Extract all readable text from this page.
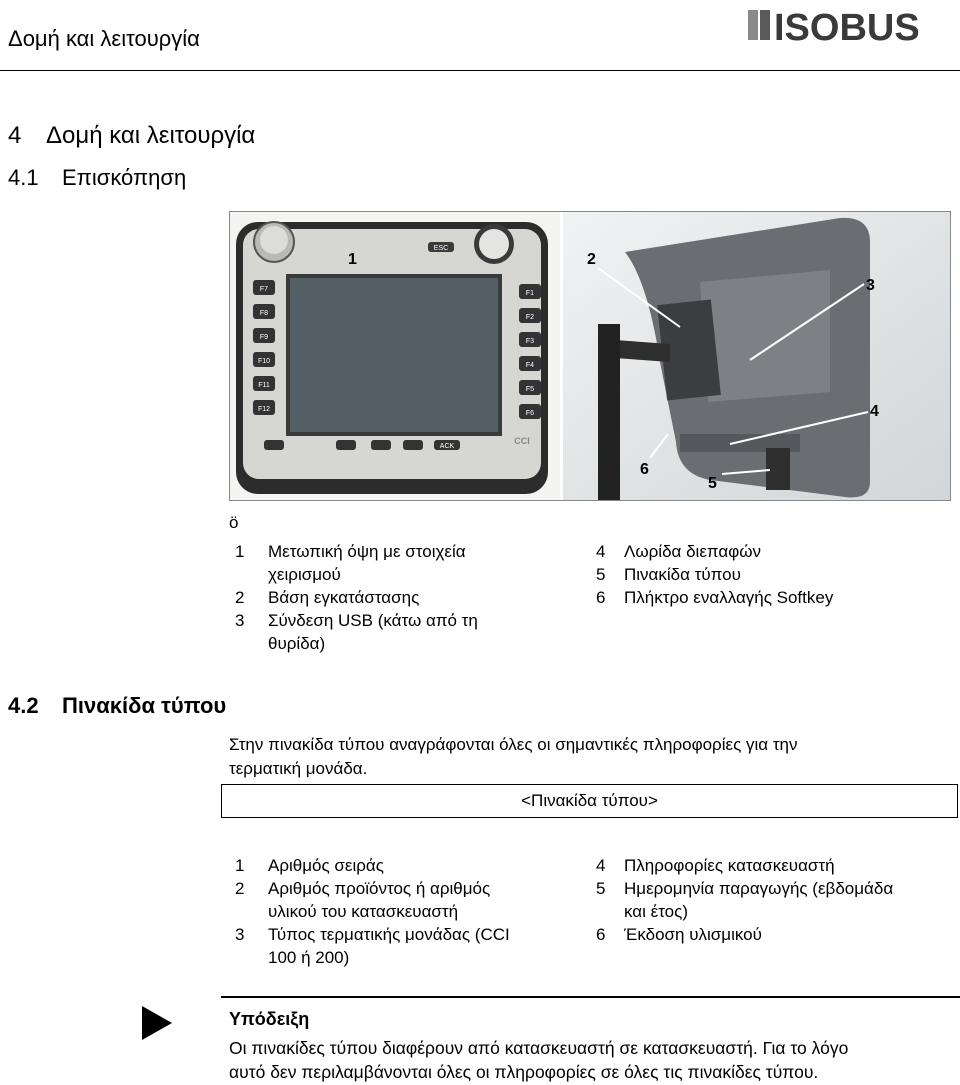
Δομή και λειτουργία	ISOBUS
CCISOBUS
4 Δομή και λειτουργία
4.1 Επισκόπηση
ESC
F7
F8
F9
F10
F11
F12
F1
F2
F3
F4
F5
F6
ACK
CCI
1	2
3
4
5
6
ö
1 Μετωπική όψη με στοιχεία
χειρισμού
2 Βάση εγκατάστασης
3 Σύνδεση USB (κάτω από τη
θυρίδα)
4 Λωρίδα διεπαφών
5 Πινακίδα τύπου
6 Πλήκτρο εναλλαγής Softkey
4.2 Πινακίδα τύπου
Στην πινακίδα τύπου αναγράφονται όλες οι σημαντικές πληροφορίες για την
τερματική μονάδα.
<Πινακίδα τύπου>
1 Αριθμός σειράς
2 Αριθμός προϊόντος ή αριθμός
υλικού του κατασκευαστή
3 Τύπος τερματικής μονάδας (CCI
100 ή 200)
4 Πληροφορίες κατασκευαστή
5 Ημερομηνία παραγωγής (εβδομάδα
και έτος)
6 Έκδοση υλισμικού
Υπόδειξη
Οι πινακίδες τύπου διαφέρουν από κατασκευαστή σε κατασκευαστή. Για το λόγο
αυτό δεν περιλαμβάνονται όλες οι πληροφορίες σε όλες τις πινακίδες τύπου.
